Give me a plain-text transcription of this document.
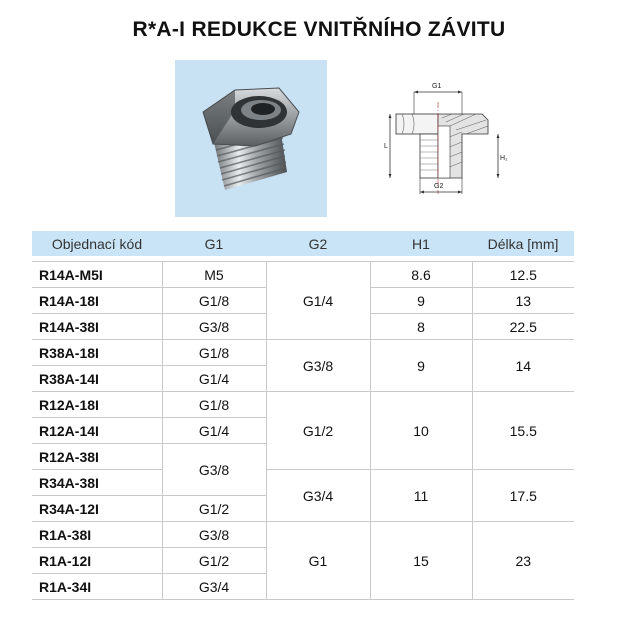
R*A-I REDUKCE VNITŘNÍHO ZÁVITU
G1
L
H₁
G2
Objednací kód	G1	G2	H1	Délka [mm]

R14A-M5I	M5	G1/4	8.6	12.5
R14A-18I	G1/8		9	13
R14A-38I	G3/8		8	22.5
R38A-18I	G1/8	G3/8	9	14
R38A-14I	G1/4			
R12A-18I	G1/8	G1/2	10	15.5
R12A-14I	G1/4			
R12A-38I	G3/8			
R34A-38I		G3/4	11	17.5
R34A-12I	G1/2			
R1A-38I	G3/8	G1	15	23
R1A-12I	G1/2			
R1A-34I	G3/4			
